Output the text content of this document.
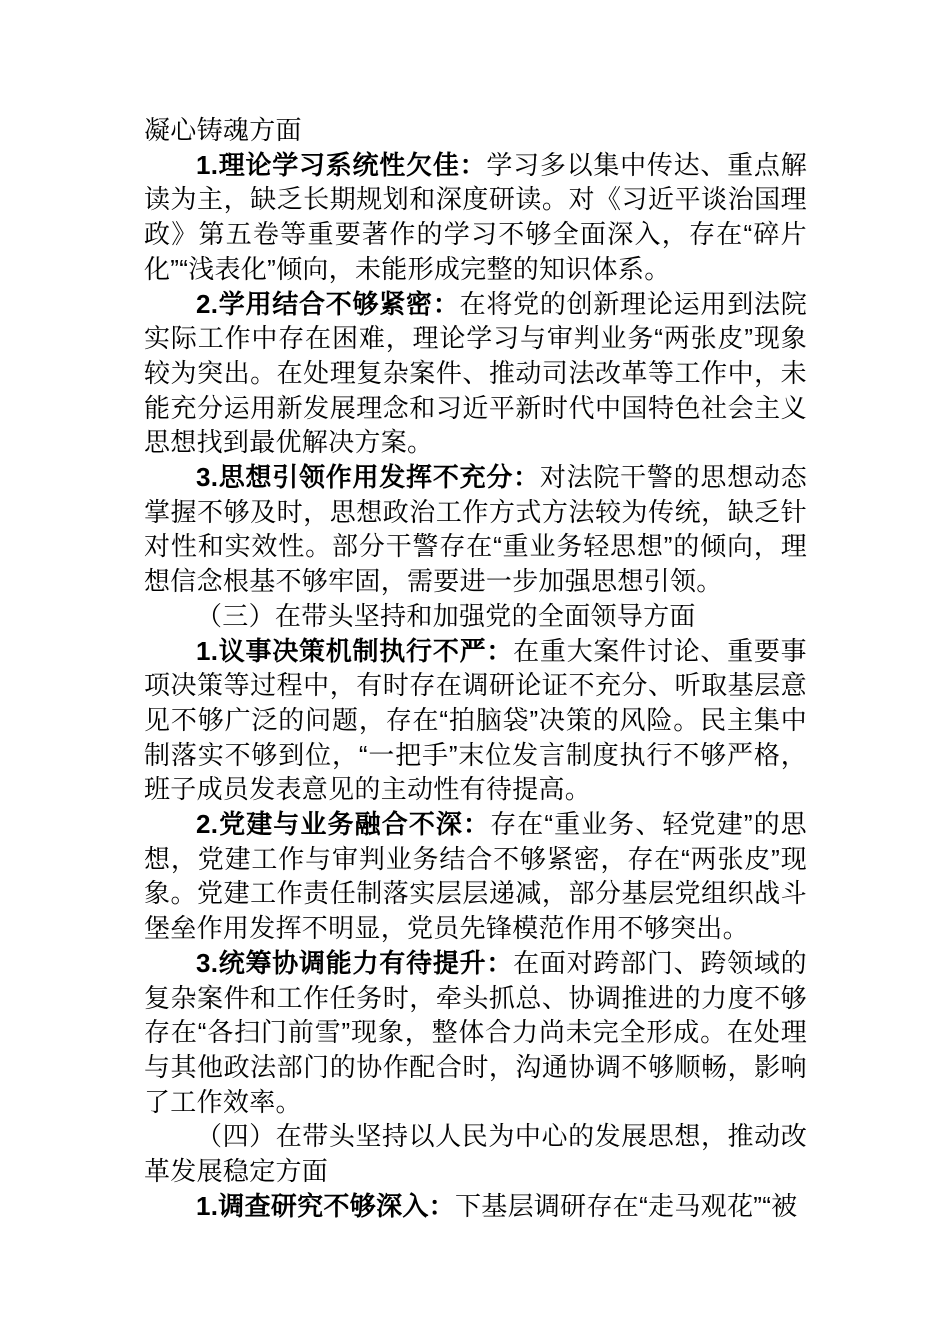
凝心铸魂方面

1.理论学习系统性欠佳：学习多以集中传达、重点解读为主，缺乏长期规划和深度研读。对《习近平谈治国理政》第五卷等重要著作的学习不够全面深入，存在“碎片化”“浅表化”倾向，未能形成完整的知识体系。

2.学用结合不够紧密：在将党的创新理论运用到法院实际工作中存在困难，理论学习与审判业务“两张皮”现象较为突出。在处理复杂案件、推动司法改革等工作中，未能充分运用新发展理念和习近平新时代中国特色社会主义思想找到最优解决方案。

3.思想引领作用发挥不充分：对法院干警的思想动态掌握不够及时，思想政治工作方式方法较为传统，缺乏针对性和实效性。部分干警存在“重业务轻思想”的倾向，理想信念根基不够牢固，需要进一步加强思想引领。

（三）在带头坚持和加强党的全面领导方面

1.议事决策机制执行不严：在重大案件讨论、重要事项决策等过程中，有时存在调研论证不充分、听取基层意见不够广泛的问题，存在“拍脑袋”决策的风险。民主集中制落实不够到位，“一把手”末位发言制度执行不够严格，班子成员发表意见的主动性有待提高。

2.党建与业务融合不深：存在“重业务、轻党建”的思想，党建工作与审判业务结合不够紧密，存在“两张皮”现象。党建工作责任制落实层层递减，部分基层党组织战斗堡垒作用发挥不明显，党员先锋模范作用不够突出。

3.统筹协调能力有待提升：在面对跨部门、跨领域的复杂案件和工作任务时，牵头抓总、协调推进的力度不够存在“各扫门前雪”现象，整体合力尚未完全形成。在处理与其他政法部门的协作配合时，沟通协调不够顺畅，影响了工作效率。

（四）在带头坚持以人民为中心的发展思想，推动改革发展稳定方面

1.调查研究不够深入：下基层调研存在“走马观花”“被
